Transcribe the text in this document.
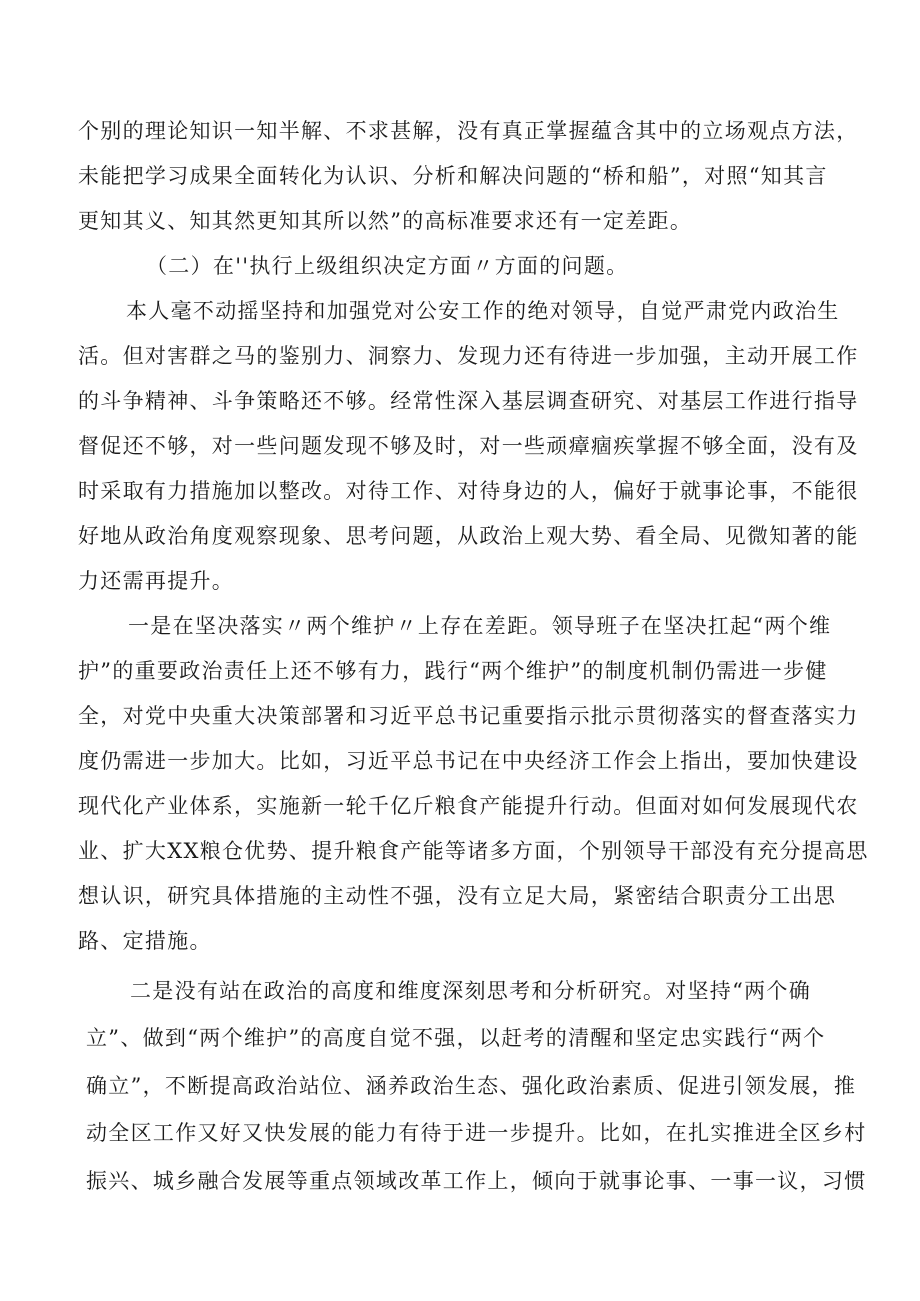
个别的理论知识一知半解、不求甚解，没有真正掌握蕴含其中的立场观点方法，
未能把学习成果全面转化为认识、分析和解决问题的“桥和船”，对照“知其言
更知其义、知其然更知其所以然”的高标准要求还有一定差距。
（二）在''执行上级组织决定方面〃方面的问题。
本人毫不动摇坚持和加强党对公安工作的绝对领导，自觉严肃党内政治生
活。但对害群之马的鉴别力、洞察力、发现力还有待进一步加强，主动开展工作
的斗争精神、斗争策略还不够。经常性深入基层调查研究、对基层工作进行指导
督促还不够，对一些问题发现不够及时，对一些顽瘴痼疾掌握不够全面，没有及
时采取有力措施加以整改。对待工作、对待身边的人，偏好于就事论事，不能很
好地从政治角度观察现象、思考问题，从政治上观大势、看全局、见微知著的能
力还需再提升。
一是在坚决落实〃两个维护〃上存在差距。领导班子在坚决扛起“两个维
护”的重要政治责任上还不够有力，践行“两个维护”的制度机制仍需进一步健
全，对党中央重大决策部署和习近平总书记重要指示批示贯彻落实的督查落实力
度仍需进一步加大。比如，习近平总书记在中央经济工作会上指出，要加快建设
现代化产业体系，实施新一轮千亿斤粮食产能提升行动。但面对如何发展现代农
业、扩大XX粮仓优势、提升粮食产能等诸多方面，个别领导干部没有充分提高思
想认识，研究具体措施的主动性不强，没有立足大局，紧密结合职责分工出思
路、定措施。
二是没有站在政治的高度和维度深刻思考和分析研究。对坚持“两个确
立”、做到“两个维护”的高度自觉不强，以赶考的清醒和坚定忠实践行“两个
确立”，不断提高政治站位、涵养政治生态、强化政治素质、促进引领发展，推
动全区工作又好又快发展的能力有待于进一步提升。比如，在扎实推进全区乡村
振兴、城乡融合发展等重点领域改革工作上，倾向于就事论事、一事一议，习惯
